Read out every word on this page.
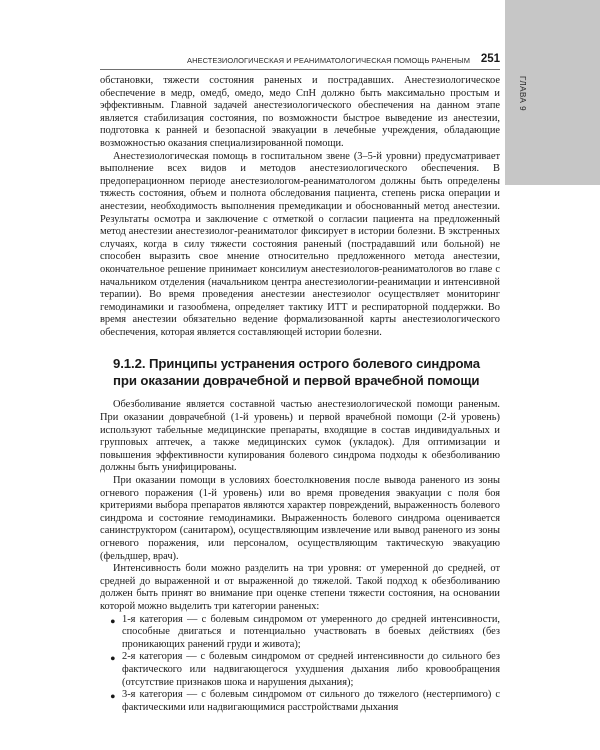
ГЛАВА 9
АНЕСТЕЗИОЛОГИЧЕСКАЯ И РЕАНИМАТОЛОГИЧЕСКАЯ ПОМОЩЬ РАНЕНЫМ 251

обстановки, тяжести состояния раненых и пострадавших. Анестезиологическое обеспечение в медр, омедб, омедо, медо СпН должно быть максимально простым и эффективным. Главной задачей анестезиологического обеспечения на данном этапе является стабилизация состояния, по возможности быстрое выведение из анестезии, подготовка к ранней и безопасной эвакуации в лечебные учреждения, обладающие возможностью оказания специализированной помощи.

Анестезиологическая помощь в госпитальном звене (3–5-й уровни) предусматривает выполнение всех видов и методов анестезиологического обеспечения. В предоперационном периоде анестезиологом-реаниматологом должны быть определены тяжесть состояния, объем и полнота обследования пациента, степень риска операции и анестезии, необходимость выполнения премедикации и обоснованный метод анестезии. Результаты осмотра и заключение с отметкой о согласии пациента на предложенный метод анестезии анестезиолог-реаниматолог фиксирует в истории болезни. В экстренных случаях, когда в силу тяжести состояния раненый (пострадавший или больной) не способен выразить свое мнение относительно предложенного метода анестезии, окончательное решение принимает консилиум анестезиологов-реаниматологов во главе с начальником отделения (начальником центра анестезиологии-реанимации и интенсивной терапии). Во время проведения анестезии анестезиолог осуществляет мониторинг гемодинамики и газообмена, определяет тактику ИТТ и респираторной поддержки. Во время анестезии обязательно ведение формализованной карты анестезиологического обеспечения, которая является составляющей истории болезни.

9.1.2. Принципы устранения острого болевого синдрома при оказании доврачебной и первой врачебной помощи

Обезболивание является составной частью анестезиологической помощи раненым. При оказании доврачебной (1-й уровень) и первой врачебной помощи (2-й уровень) используют табельные медицинские препараты, входящие в состав индивидуальных и групповых аптечек, а также медицинских сумок (укладок). Для оптимизации и повышения эффективности купирования болевого синдрома подходы к обезболиванию должны быть унифицированы.

При оказании помощи в условиях боестолкновения после вывода раненого из зоны огневого поражения (1-й уровень) или во время проведения эвакуации с поля боя критериями выбора препаратов являются характер повреждений, выраженность болевого синдрома и состояние гемодинамики. Выраженность болевого синдрома оценивается санинструктором (санитаром), осуществляющим извлечение или вывод раненого из зоны огневого поражения, или персоналом, осуществляющим тактическую эвакуацию (фельдшер, врач).

Интенсивность боли можно разделить на три уровня: от умеренной до средней, от средней до выраженной и от выраженной до тяжелой. Такой подход к обезболиванию должен быть принят во внимание при оценке степени тяжести состояния, на основании которой можно выделить три категории раненых:

• 1-я категория — с болевым синдромом от умеренного до средней интенсивности, способные двигаться и потенциально участвовать в боевых действиях (без проникающих ранений груди и живота);

• 2-я категория — с болевым синдромом от средней интенсивности до сильного без фактического или надвигающегося ухудшения дыхания либо кровообращения (отсутствие признаков шока и нарушения дыхания);

• 3-я категория — с болевым синдромом от сильного до тяжелого (нестерпимого) с фактическими или надвигающимися расстройствами дыхания
